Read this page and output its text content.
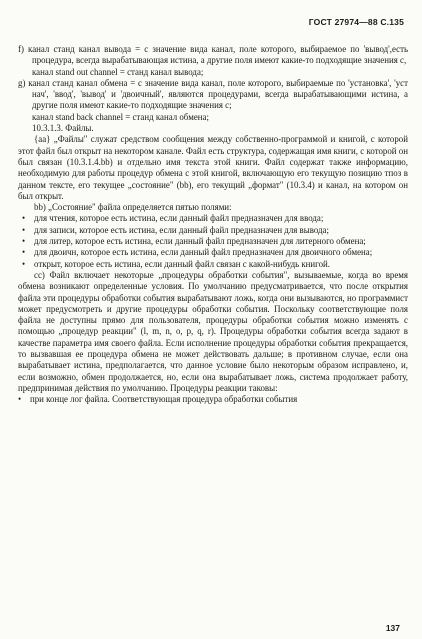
ГОСТ 27974—88 С.135

f) канал станд канал вывода = с значение вида канал, поле которого, выбираемое по 'вывод',есть процедура, всегда вырабатывающая истина, а другие поля имеют какие-то подходящие значения с,

канал stand out channel = станд канал вывода;

g) канал станд канал обмена = с значение вида канал, поле которого, выбираемые по 'установка', 'уст нач', 'ввод', 'вывод' и 'двоичный', являются процедурами, всегда вырабатывающими истина, а другие поля имеют какие-то подходящие значения с;

канал stand back channel = станд канал обмена;

10.3.1.3. Файлы.

{аа} „Файлы" служат средством сообщения между собственно-программой и книгой, с которой этот файл был открыт на некотором канале. Файл есть структура, содержащая имя книги, с которой он был связан (10.3.1.4.bb) и отдельно имя текста этой книги. Файл содержат также информацию, необходимую для работы процедур обмена с этой книгой, включающую его текущую позицию тпоз в данном тексте, его текущее „состояние" (bb), его текущий „формат" (10.3.4) и канал, на котором он был открыт.

bb) „Состояние" файла определяется пятью полями:

• для чтения, которое есть истина, если данный файл предназначен для ввода;

• для записи, которое есть истина, если данный файл предназначен для вывода;

• для литер, которое есть истина, если данный файл предназначен для литерного обмена;

• для двоичн, которое есть истина, если данный файл предназначен для двоичного обмена;

• открыт, которое есть истина, если данный файл связан с какой-нибудь книгой.

cc) Файл включает некоторые „процедуры обработки события", вызываемые, когда во время обмена возникают определенные условия. По умолчанию предусматривается, что после открытия файла эти процедуры обработки события вырабатывают ложь, когда они вызываются, но программист может предусмотреть и другие процедуры обработки события. Поскольку соответствующие поля файла не доступны прямо для пользователя, процедуры обработки события можно изменять с помощью „процедур реакции" (l, m, n, o, p, q, r). Процедуры обработки события всегда задают в качестве параметра имя своего файла. Если исполнение процедуры обработки события прекращается, то вызвавшая ее процедура обмена не может действовать дальше; в противном случае, если она вырабатывает истина, предполагается, что данное условие было некоторым образом исправлено, и, если возможно, обмен продолжается, но, если она вырабатывает ложь, система продолжает работу, предпринимая действия по умолчанию. Процедуры реакции таковы:

• при конце лог файла. Соответствующая процедура обработки события

137
